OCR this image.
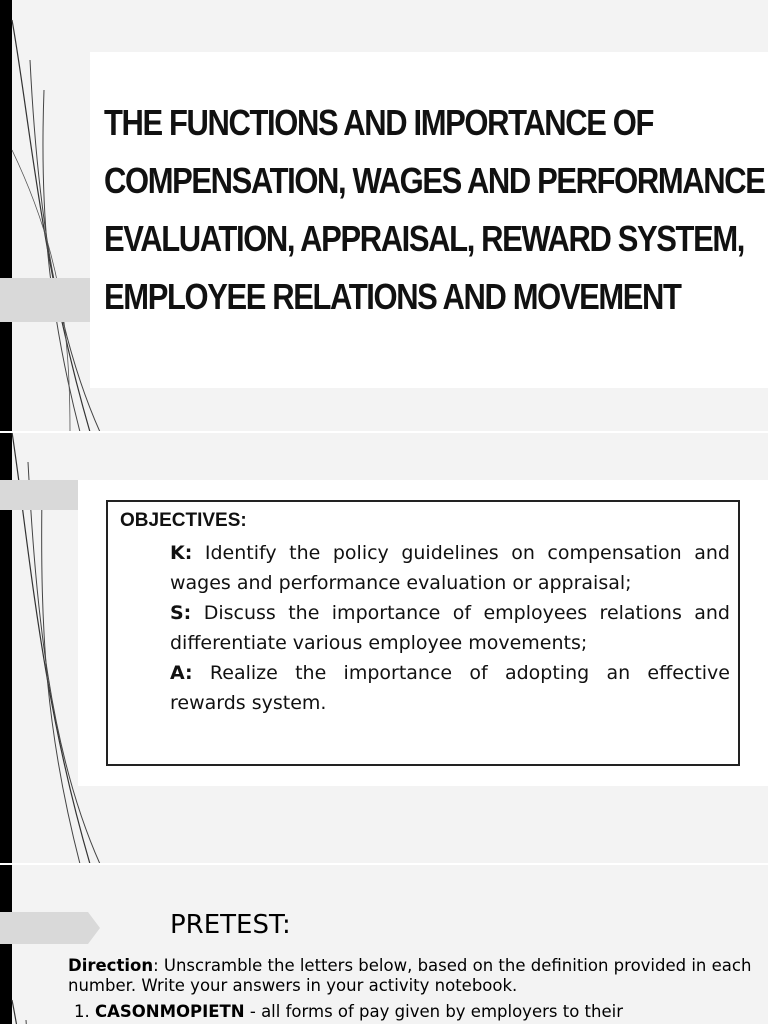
THE FUNCTIONS AND IMPORTANCE OF
COMPENSATION, WAGES AND PERFORMANCE
EVALUATION, APPRAISAL, REWARD SYSTEM,
EMPLOYEE RELATIONS AND MOVEMENT
OBJECTIVES:
K: Identify the policy guidelines on compensation and wages and performance evaluation or appraisal;
S: Discuss the importance of employees relations and differentiate various employee movements;
A: Realize the importance of adopting an effective rewards system.
PRETEST:
Direction: Unscramble the letters below, based on the definition provided in each number. Write your answers in your activity notebook.
1. CASONMOPIETN - all forms of pay given by employers to their
